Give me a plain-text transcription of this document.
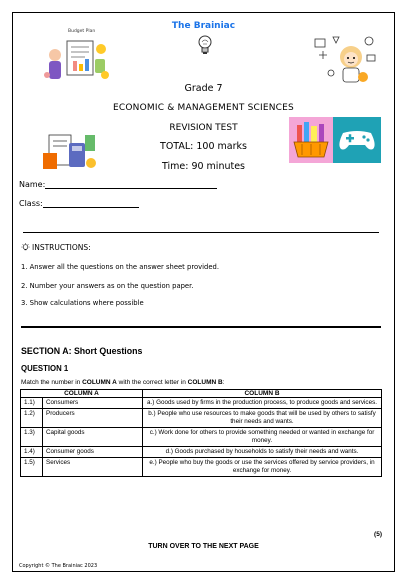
The Brainiac
Budget Plan
Grade 7
ECONOMIC & MANAGEMENT SCIENCES
REVISION TEST
TOTAL: 100 marks
Time: 90 minutes
Name:
Class:
INSTRUCTIONS:
1. Answer all the questions on the answer sheet provided.
2. Number your answers as on the question paper.
3. Show calculations where possible
SECTION A: Short Questions
QUESTION 1
Match the number in COLUMN A with the correct letter in COLUMN B:
COLUMN A		COLUMN B
1.1)	Consumers	a.) Goods used by firms in the production process, to produce goods and services.
1.2)	Producers	b.) People who use resources to make goods that will be used by others to satisfy their needs and wants.
1.3)	Capital goods	c.) Work done for others to provide something needed or wanted in exchange for money.
1.4)	Consumer goods	d.) Goods purchased by households to satisfy their needs and wants.
1.5)	Services	e.) People who buy the goods or use the services offered by service providers, in exchange for money.
(5)
TURN OVER TO THE NEXT PAGE
Copyright © The Brainiac 2023
